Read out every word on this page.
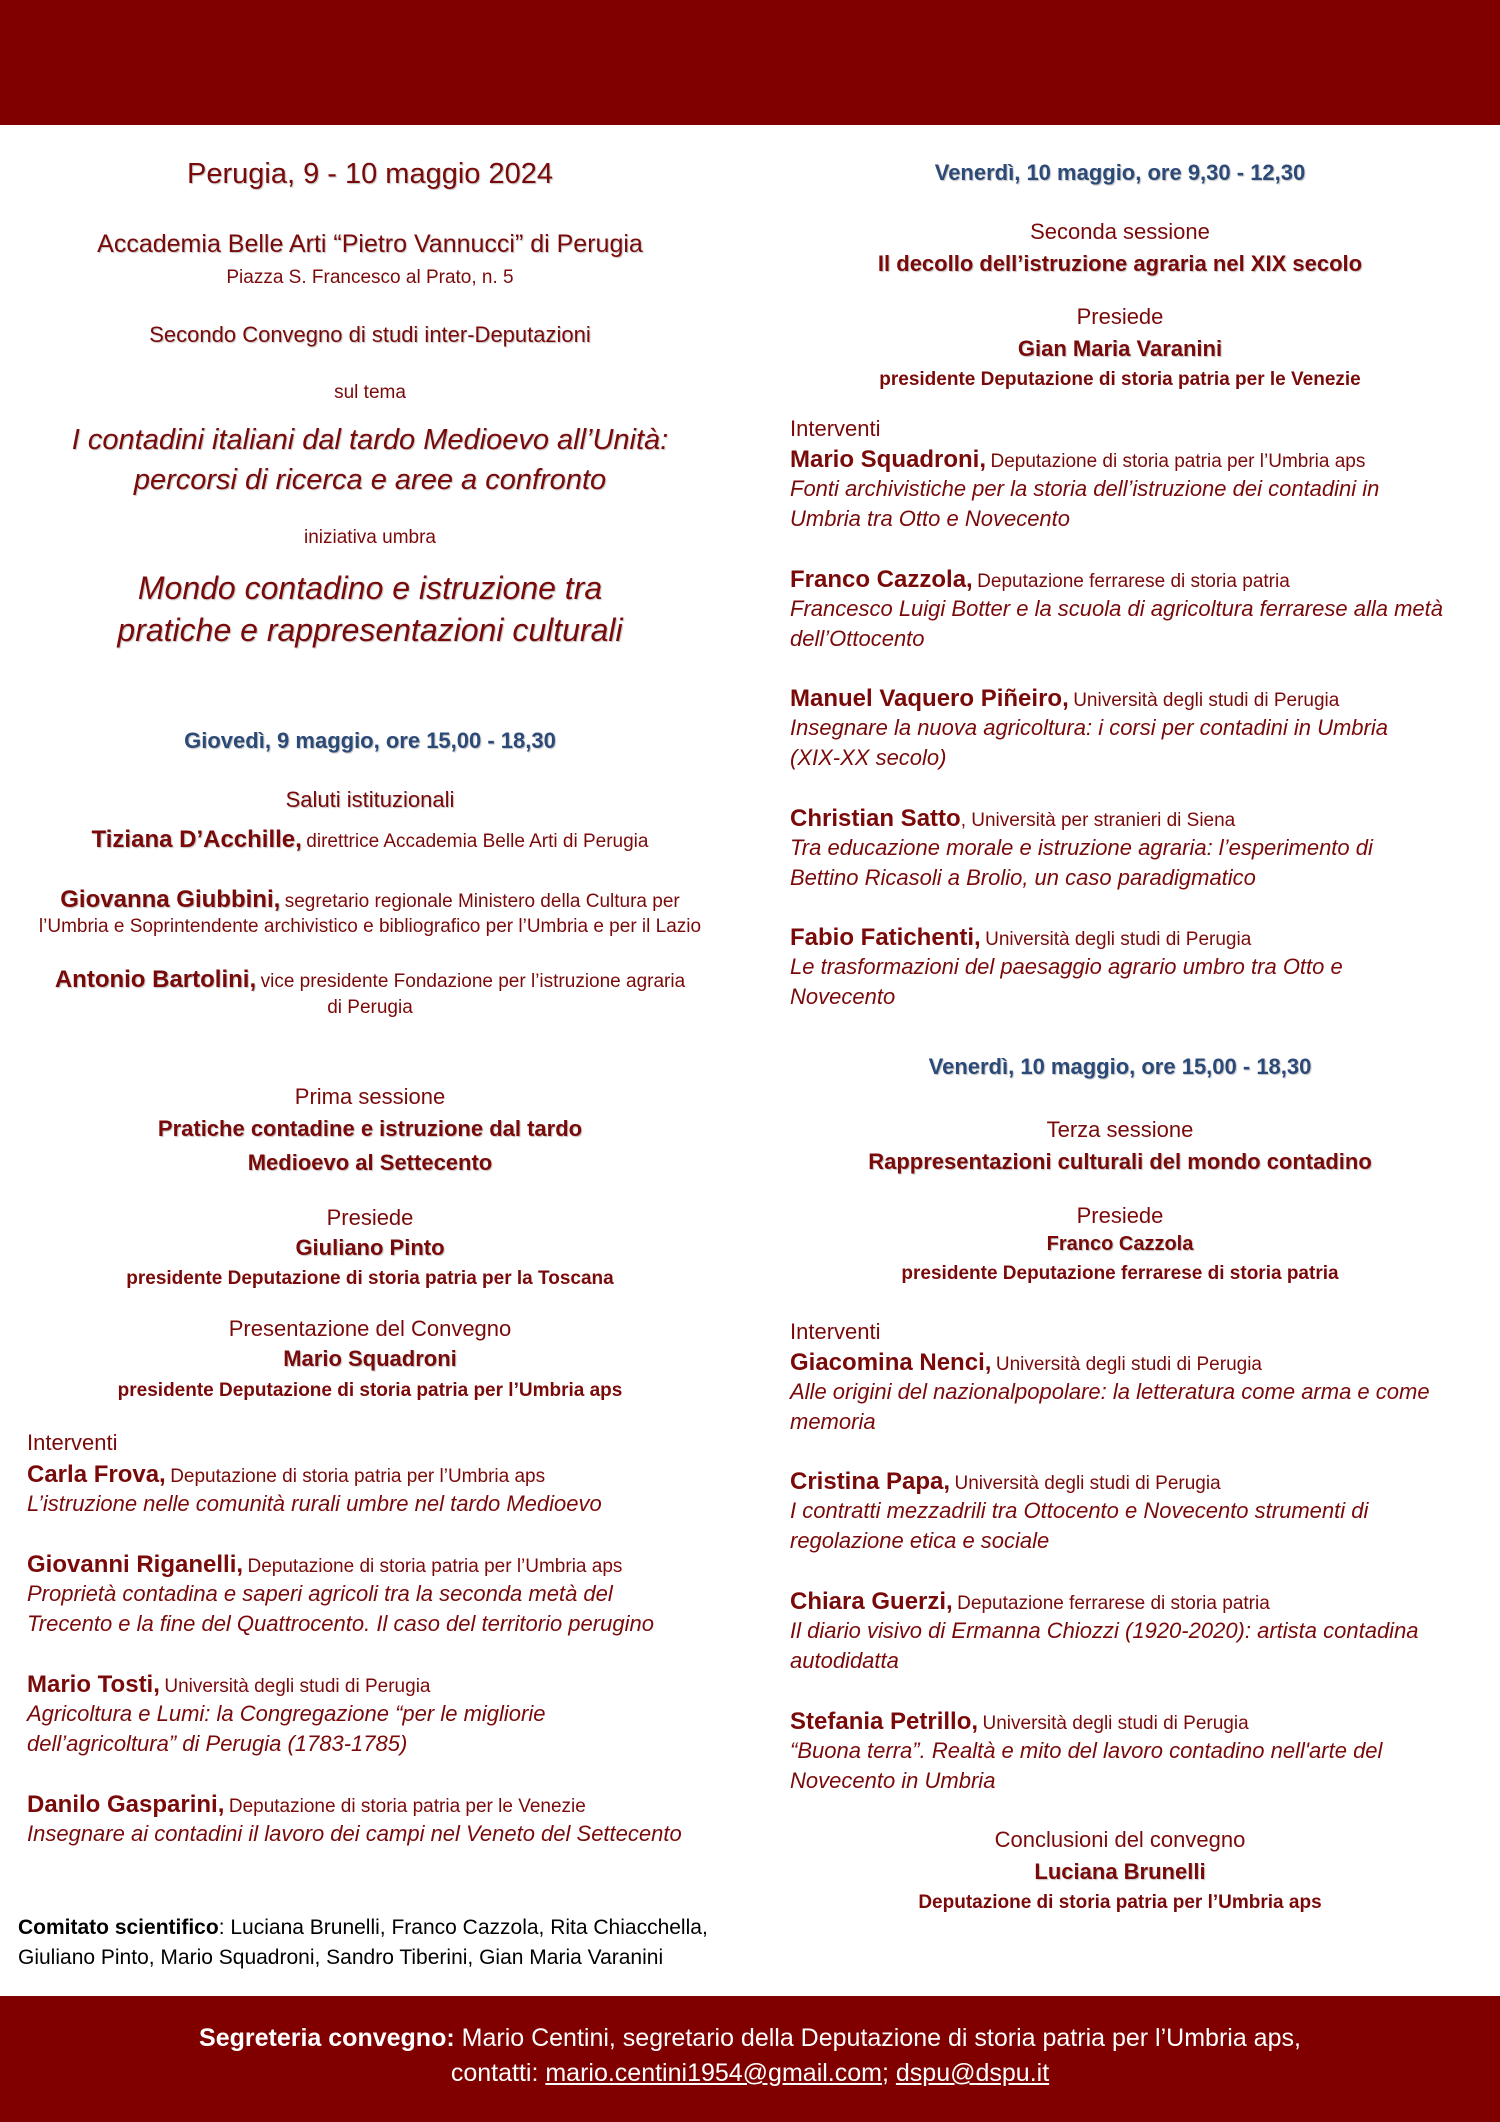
Perugia, 9 - 10 maggio 2024
Accademia Belle Arti “Pietro Vannucci” di Perugia
Piazza S. Francesco al Prato, n. 5
Secondo Convegno di studi inter-Deputazioni
sul tema
I contadini italiani dal tardo Medioevo all’Unità:
percorsi di ricerca e aree a confronto
iniziativa umbra
Mondo contadino e istruzione tra
pratiche e rappresentazioni culturali
Giovedì, 9 maggio, ore 15,00 - 18,30
Saluti istituzionali
Tiziana D’Acchille, direttrice Accademia Belle Arti di Perugia
Giovanna Giubbini, segretario regionale Ministero della Cultura per
l’Umbria e Soprintendente archivistico e bibliografico per l’Umbria e per il Lazio
Antonio Bartolini, vice presidente Fondazione per l’istruzione agraria
di Perugia
Prima sessione
Pratiche contadine e istruzione dal tardo
Medioevo al Settecento
Presiede
Giuliano Pinto
presidente Deputazione di storia patria per la Toscana
Presentazione del Convegno
Mario Squadroni
presidente Deputazione di storia patria per l’Umbria aps
Interventi
Carla Frova, Deputazione di storia patria per l’Umbria aps
L’istruzione nelle comunità rurali umbre nel tardo Medioevo
Giovanni Riganelli, Deputazione di storia patria per l’Umbria aps
Proprietà contadina e saperi agricoli tra la seconda metà del
Trecento e la fine del Quattrocento. Il caso del territorio perugino
Mario Tosti, Università degli studi di Perugia
Agricoltura e Lumi: la Congregazione “per le migliorie
dell’agricoltura” di Perugia (1783-1785)
Danilo Gasparini, Deputazione di storia patria per le Venezie
Insegnare ai contadini il lavoro dei campi nel Veneto del Settecento
Comitato scientifico: Luciana Brunelli, Franco Cazzola, Rita Chiacchella,
Giuliano Pinto, Mario Squadroni, Sandro Tiberini, Gian Maria Varanini
Venerdì, 10 maggio, ore 9,30 - 12,30
Seconda sessione
Il decollo dell’istruzione agraria nel XIX secolo
Presiede
Gian Maria Varanini
presidente Deputazione di storia patria per le Venezie
Interventi
Mario Squadroni, Deputazione di storia patria per l’Umbria aps
Fonti archivistiche per la storia dell’istruzione dei contadini in
Umbria tra Otto e Novecento
Franco Cazzola, Deputazione ferrarese di storia patria
Francesco Luigi Botter e la scuola di agricoltura ferrarese alla metà
dell’Ottocento
Manuel Vaquero Piñeiro, Università degli studi di Perugia
Insegnare la nuova agricoltura: i corsi per contadini in Umbria
(XIX-XX secolo)
Christian Satto, Università per stranieri di Siena
Tra educazione morale e istruzione agraria: l’esperimento di
Bettino Ricasoli a Brolio, un caso paradigmatico
Fabio Fatichenti, Università degli studi di Perugia
Le trasformazioni del paesaggio agrario umbro tra Otto e
Novecento
Venerdì, 10 maggio, ore 15,00 - 18,30
Terza sessione
Rappresentazioni culturali del mondo contadino
Presiede
Franco Cazzola
presidente Deputazione ferrarese di storia patria
Interventi
Giacomina Nenci, Università degli studi di Perugia
Alle origini del nazionalpopolare: la letteratura come arma e come
memoria
Cristina Papa, Università degli studi di Perugia
I contratti mezzadrili tra Ottocento e Novecento strumenti di
regolazione etica e sociale
Chiara Guerzi, Deputazione ferrarese di storia patria
Il diario visivo di Ermanna Chiozzi (1920-2020): artista contadina
autodidatta
Stefania Petrillo, Università degli studi di Perugia
“Buona terra”. Realtà e mito del lavoro contadino nell'arte del
Novecento in Umbria
Conclusioni del convegno
Luciana Brunelli
Deputazione di storia patria per l’Umbria aps
Segreteria convegno: Mario Centini, segretario della Deputazione di storia patria per l’Umbria aps,
contatti: mario.centini1954@gmail.com; dspu@dspu.it
